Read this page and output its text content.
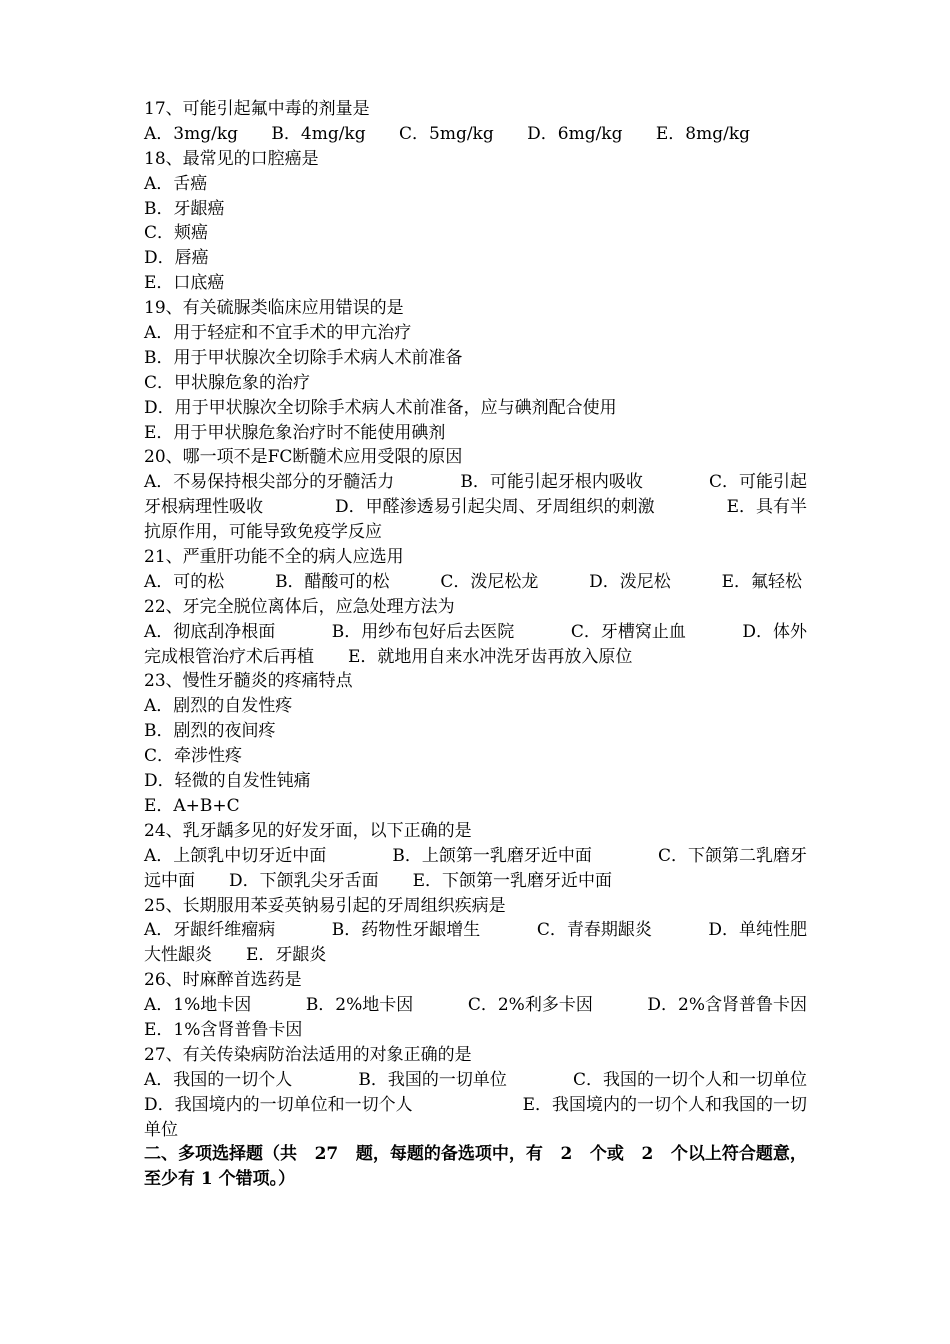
17、可能引起氟中毒的剂量是
A．3mg/kg B．4mg/kg C．5mg/kg D．6mg/kg E．8mg/kg
18、最常见的口腔癌是
A．舌癌
B．牙龈癌
C．颊癌
D．唇癌
E．口底癌
19、有关硫脲类临床应用错误的是
A．用于轻症和不宜手术的甲亢治疗
B．用于甲状腺次全切除手术病人术前准备
C．甲状腺危象的治疗
D．用于甲状腺次全切除手术病人术前准备，应与碘剂配合使用
E．用于甲状腺危象治疗时不能使用碘剂
20、哪一项不是FC断髓术应用受限的原因
A．不易保持根尖部分的牙髓活力	B．可能引起牙根内吸收	C．可能引起
牙根病理性吸收	D．甲醛渗透易引起尖周、牙周组织的刺激	E．具有半
抗原作用，可能导致免疫学反应
21、严重肝功能不全的病人应选用
A．可的松	B．醋酸可的松	C．泼尼松龙	D．泼尼松	E．氟轻松
22、牙完全脱位离体后，应急处理方法为
A．彻底刮净根面	B．用纱布包好后去医院	C．牙槽窝止血	D．体外
完成根管治疗术后再植　　E．就地用自来水冲洗牙齿再放入原位
23、慢性牙髓炎的疼痛特点
A．剧烈的自发性疼
B．剧烈的夜间疼
C．牵涉性疼
D．轻微的自发性钝痛
E．A+B+C
24、乳牙龋多见的好发牙面，以下正确的是
A．上颌乳中切牙近中面	B．上颌第一乳磨牙近中面	C．下颌第二乳磨牙
远中面　　D．下颌乳尖牙舌面　　E．下颌第一乳磨牙近中面
25、长期服用苯妥英钠易引起的牙周组织疾病是
A．牙龈纤维瘤病	B．药物性牙龈增生	C．青春期龈炎	D．单纯性肥
大性龈炎　　E．牙龈炎
26、时麻醉首选药是
A．1%地卡因	B．2%地卡因	C．2%利多卡因	D．2%含肾普鲁卡因
E．1%含肾普鲁卡因
27、有关传染病防治法适用的对象正确的是
A．我国的一切个人	B．我国的一切单位	C．我国的一切个人和一切单位
D．我国境内的一切单位和一切个人	E．我国境内的一切个人和我国的一切
单位
二、多项选择题（共 27 题，每题的备选项中，有 2 个或 2 个以上符合题意，
至少有 1 个错项。）
